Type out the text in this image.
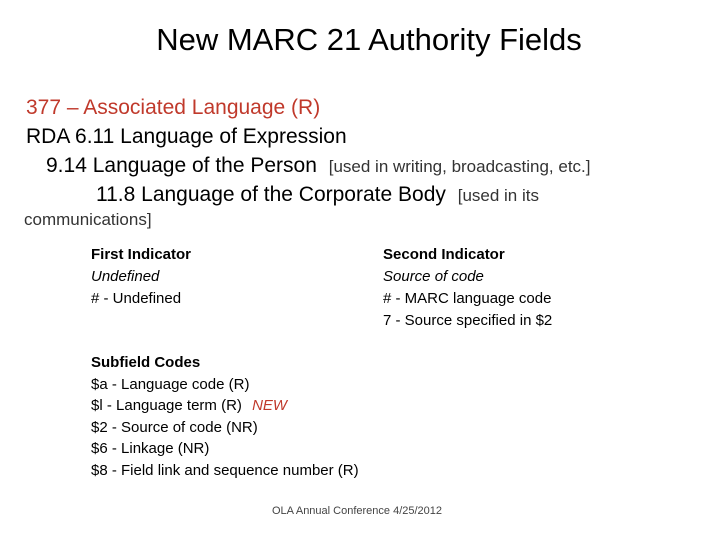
New MARC 21 Authority Fields
377 – Associated Language (R)
RDA 6.11 Language of Expression
9.14 Language of the Person [used in writing, broadcasting, etc.]
11.8 Language of the Corporate Body [used in its
communications]
First Indicator
Undefined
# - Undefined
Second Indicator
Source of code
# - MARC language code
7 - Source specified in $2
Subfield Codes
$a - Language code (R)
$l - Language term (R) NEW
$2 - Source of code (NR)
$6 - Linkage (NR)
$8 - Field link and sequence number (R)
OLA Annual Conference 4/25/2012
